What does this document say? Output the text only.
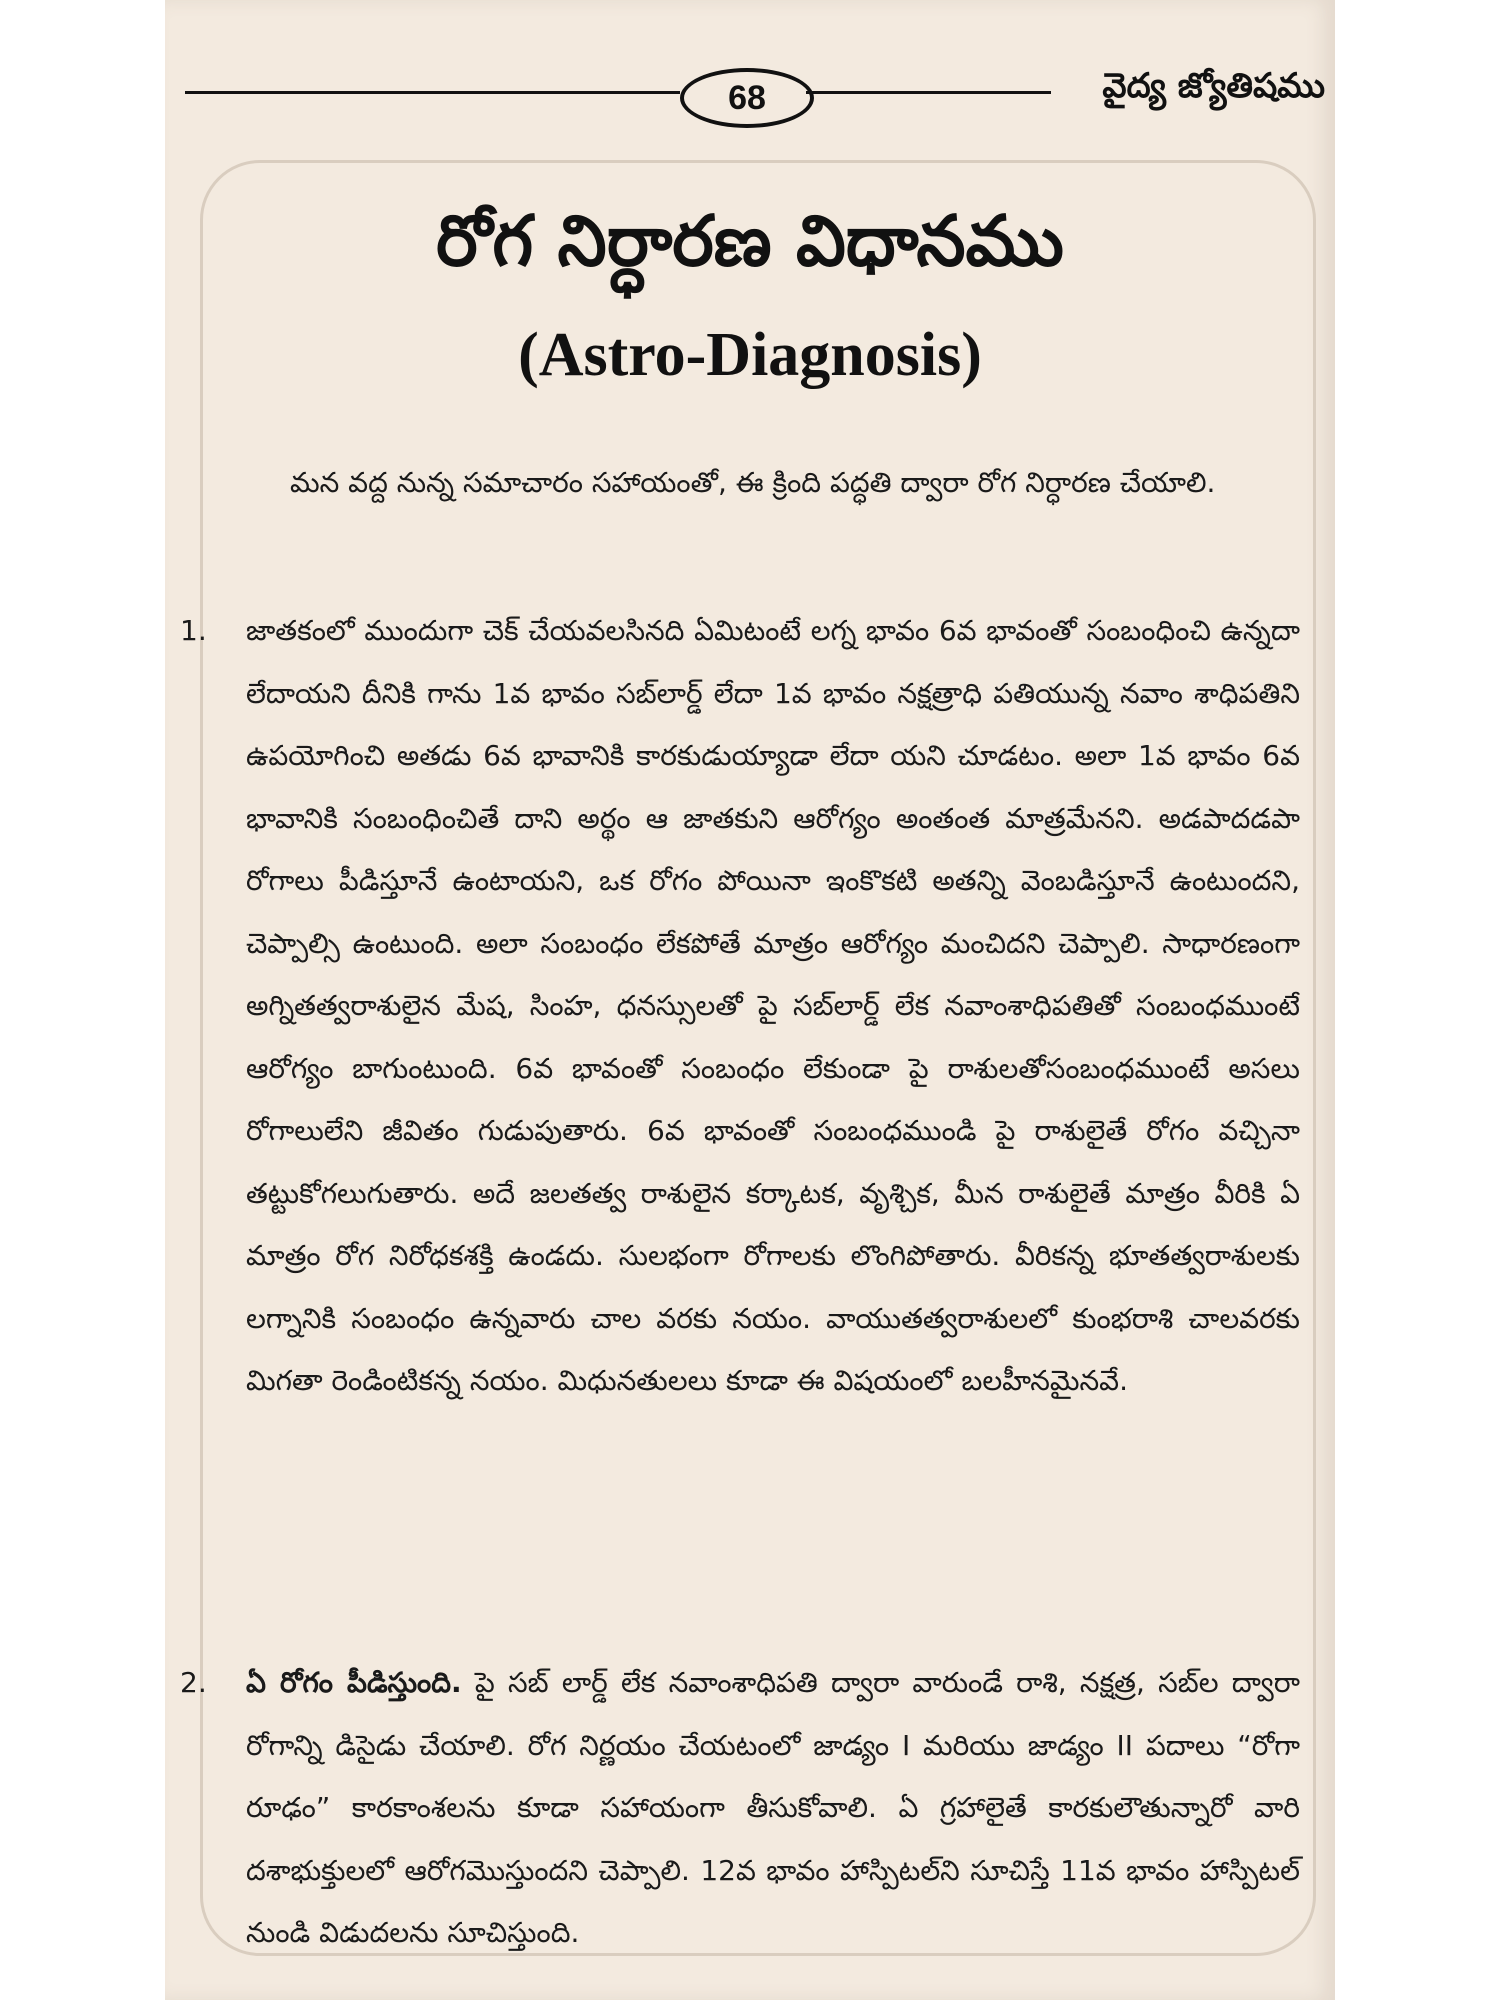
68	వైద్య జ్యోతిషము
రోగ నిర్ధారణ విధానము
(Astro-Diagnosis)
మన వద్ద నున్న సమాచారం సహాయంతో, ఈ క్రింది పద్ధతి ద్వారా రోగ నిర్ధారణ చేయాలి.
1. జాతకంలో ముందుగా చెక్ చేయవలసినది ఏమిటంటే లగ్న భావం 6వ భావంతో సంబంధించి ఉన్నదా లేదాయని దీనికి గాను 1వ భావం సబ్‌లార్డ్ లేదా 1వ భావం నక్షత్రాధి పతియున్న నవాం శాధిపతిని ఉపయోగించి అతడు 6వ భావానికి కారకుడుయ్యాడా లేదా యని చూడటం. అలా 1వ భావం 6వ భావానికి సంబంధించితే దాని అర్థం ఆ జాతకుని ఆరోగ్యం అంతంత మాత్రమేనని. అడపాదడపా రోగాలు పీడిస్తూనే ఉంటాయని, ఒక రోగం పోయినా ఇంకొకటి అతన్ని వెంబడిస్తూనే ఉంటుందని, చెప్పాల్సి ఉంటుంది. అలా సంబంధం లేకపోతే మాత్రం ఆరోగ్యం మంచిదని చెప్పాలి. సాధారణంగా అగ్నితత్వరాశులైన మేష, సింహ, ధనస్సులతో పై సబ్‌లార్డ్ లేక నవాంశాధిపతితో సంబంధముంటే ఆరోగ్యం బాగుంటుంది. 6వ భావంతో సంబంధం లేకుండా పై రాశులతోసంబంధముంటే అసలు రోగాలులేని జీవితం గుడుపుతారు. 6వ భావంతో సంబంధముండి పై రాశులైతే రోగం వచ్చినా తట్టుకోగలుగుతారు. అదే జలతత్వ రాశులైన కర్కాటక, వృశ్చిక, మీన రాశులైతే మాత్రం వీరికి ఏ మాత్రం రోగ నిరోధకశక్తి ఉండదు. సులభంగా రోగాలకు లొంగిపోతారు. వీరికన్న భూతత్వరాశులకు లగ్నానికి సంబంధం ఉన్నవారు చాల వరకు నయం. వాయుతత్వరాశులలో కుంభరాశి చాలవరకు మిగతా రెండింటికన్న నయం. మిధునతులలు కూడా ఈ విషయంలో బలహీనమైనవే.
2. ఏ రోగం పీడిస్తుంది. పై సబ్ లార్డ్ లేక నవాంశాధిపతి ద్వారా వారుండే రాశి, నక్షత్ర, సబ్‌ల ద్వారా రోగాన్ని డిసైడు చేయాలి. రోగ నిర్ణయం చేయటంలో జాడ్యం I మరియు జాడ్యం II పదాలు “రోగా రూఢం” కారకాంశలను కూడా సహాయంగా తీసుకోవాలి. ఏ గ్రహాలైతే కారకులౌతున్నారో వారి దశాభుక్తులలో ఆరోగమొస్తుందని చెప్పాలి. 12వ భావం హాస్పిటల్‌ని సూచిస్తే 11వ భావం హాస్పిటల్ నుండి విడుదలను సూచిస్తుంది.
